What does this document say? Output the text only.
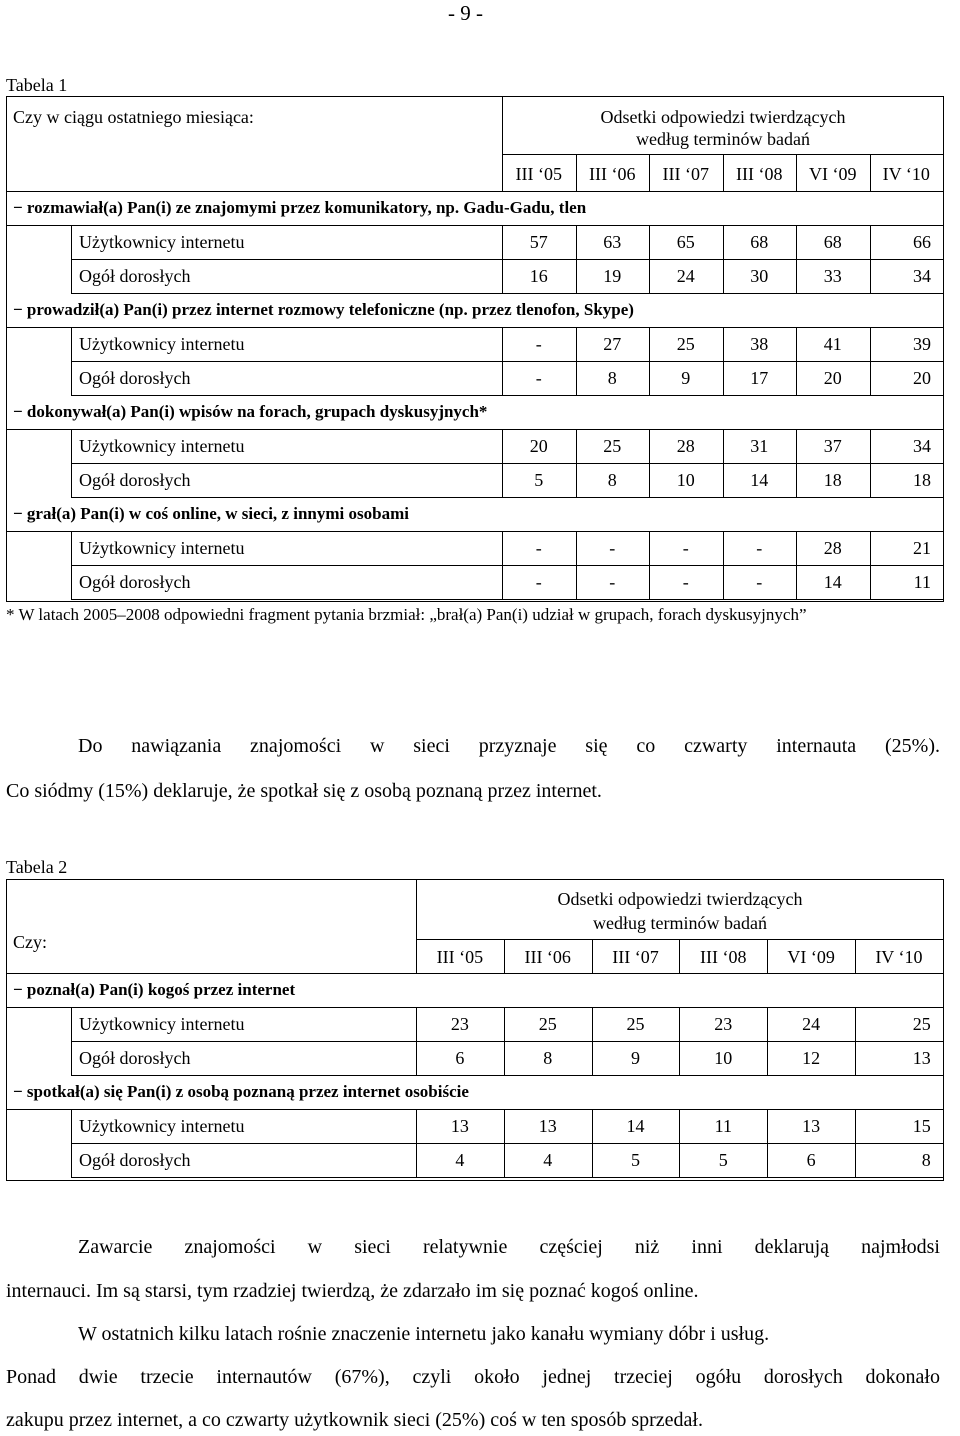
- 9 -
Tabela 1
Czy w ciągu ostatniego miesiąca:	Odsetki odpowiedzi twierdzących
według terminów badań
III ‘05	III ‘06	III ‘07	III ‘08	VI ‘09	IV ‘10
− rozmawiał(a) Pan(i) ze znajomymi przez komunikatory, np. Gadu-Gadu, tlen
Użytkownicy internetu	57	63	65	68	68	66
Ogół dorosłych	16	19	24	30	33	34
− prowadził(a) Pan(i) przez internet rozmowy telefoniczne (np. przez tlenofon, Skype)
Użytkownicy internetu	-	27	25	38	41	39
Ogół dorosłych	-	8	9	17	20	20
− dokonywał(a) Pan(i) wpisów na forach, grupach dyskusyjnych*
Użytkownicy internetu	20	25	28	31	37	34
Ogół dorosłych	5	8	10	14	18	18
− grał(a) Pan(i) w coś online, w sieci, z innymi osobami
Użytkownicy internetu	-	-	-	-	28	21
Ogół dorosłych	-	-	-	-	14	11
* W latach 2005–2008 odpowiedni fragment pytania brzmiał: „brał(a) Pan(i) udział w grupach, forach dyskusyjnych”
Do nawiązania znajomości w sieci przyznaje się co czwarty internauta (25%).
Co siódmy (15%) deklaruje, że spotkał się z osobą poznaną przez internet.
Tabela 2
Czy:
Odsetki odpowiedzi twierdzących
według terminów badań
III ‘05	III ‘06	III ‘07	III ‘08	VI ‘09	IV ‘10
− poznał(a) Pan(i) kogoś przez internet
Użytkownicy internetu	23	25	25	23	24	25
Ogół dorosłych	6	8	9	10	12	13
− spotkał(a) się Pan(i) z osobą poznaną przez internet osobiście
Użytkownicy internetu	13	13	14	11	13	15
Ogół dorosłych	4	4	5	5	6	8
Zawarcie znajomości w sieci relatywnie częściej niż inni deklarują najmłodsi
internauci. Im są starsi, tym rzadziej twierdzą, że zdarzało im się poznać kogoś online.
W ostatnich kilku latach rośnie znaczenie internetu jako kanału wymiany dóbr i usług.
Ponad dwie trzecie internautów (67%), czyli około jednej trzeciej ogółu dorosłych dokonało
zakupu przez internet, a co czwarty użytkownik sieci (25%) coś w ten sposób sprzedał.
